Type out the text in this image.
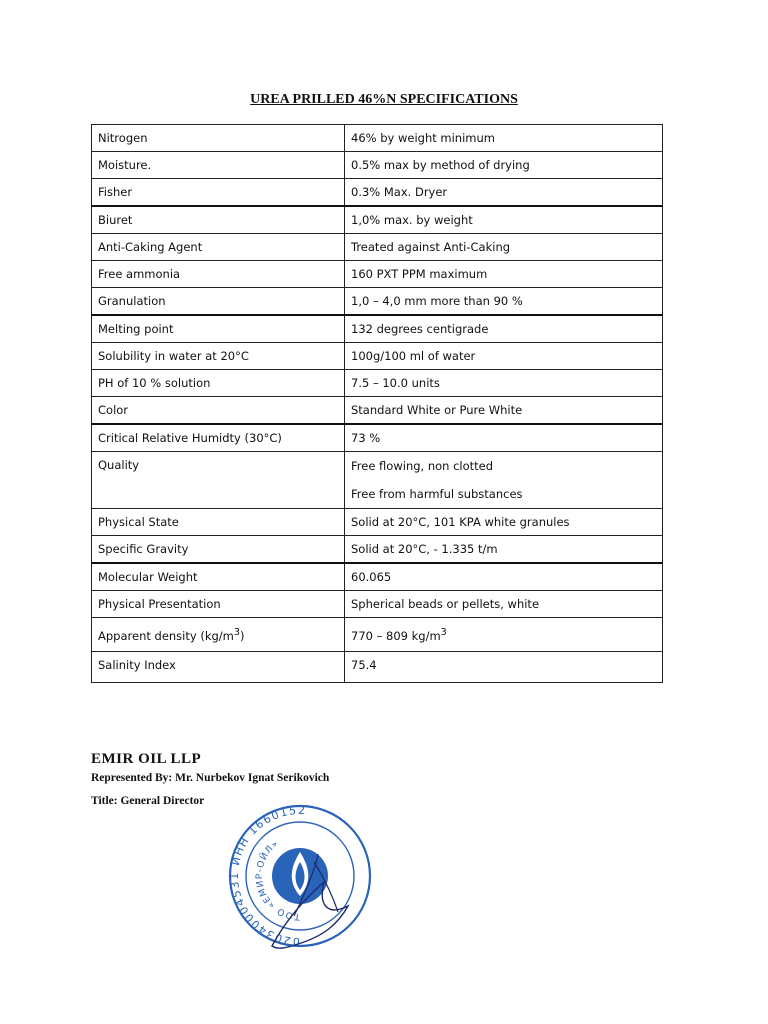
UREA PRILLED 46%N SPECIFICATIONS
Nitrogen	46% by weight minimum
Moisture.	0.5% max by method of drying
Fisher	0.3% Max. Dryer
Biuret	1,0% max. by weight
Anti-Caking Agent	Treated against Anti-Caking
Free ammonia	160 PXT PPM maximum
Granulation	1,0 – 4,0 mm more than 90 %
Melting point	132 degrees centigrade
Solubility in water at 20°C	100g/100 ml of water
PH of 10 % solution	7.5 – 10.0 units
Color	Standard White or Pure White
Critical Relative Humidty (30°C)	73 %
Quality	Free flowing, non clotted
Free from harmful substances

Physical State	Solid at 20°C, 101 KPA white granules
Specific Gravity	Solid at 20°C, - 1.335 t/m
Molecular Weight	60.065
Physical Presentation	Spherical beads or pellets, white
Apparent density $(kg/m^3)$	770 – 809 $kg/m^3$
Salinity Index	75.4
EMIR OIL LLP
Represented By: Mr. Nurbekov Ignat Serikovich
Title: General Director
020340004531 ИНН 1660152
ТОО «ЕМИР-ОЙЛ»
